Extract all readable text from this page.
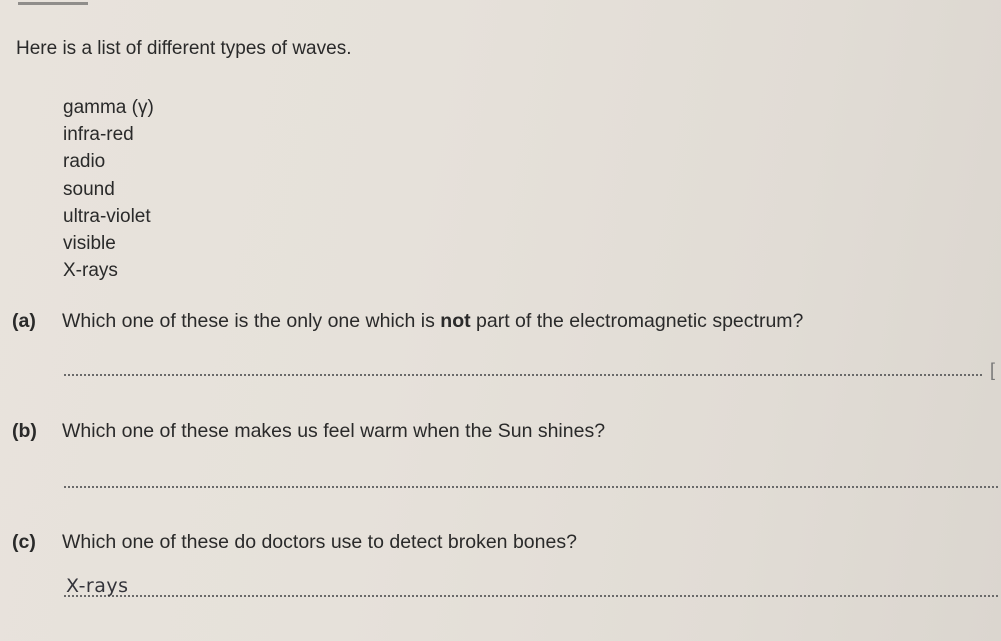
Here is a list of different types of waves.

gamma (γ)
infra-red
radio
sound
ultra-violet
visible
X-rays
(a) Which one of these is the only one which is not part of the electromagnetic spectrum?
[
(b) Which one of these makes us feel warm when the Sun shines?
(c) Which one of these do doctors use to detect broken bones?
X-rays
